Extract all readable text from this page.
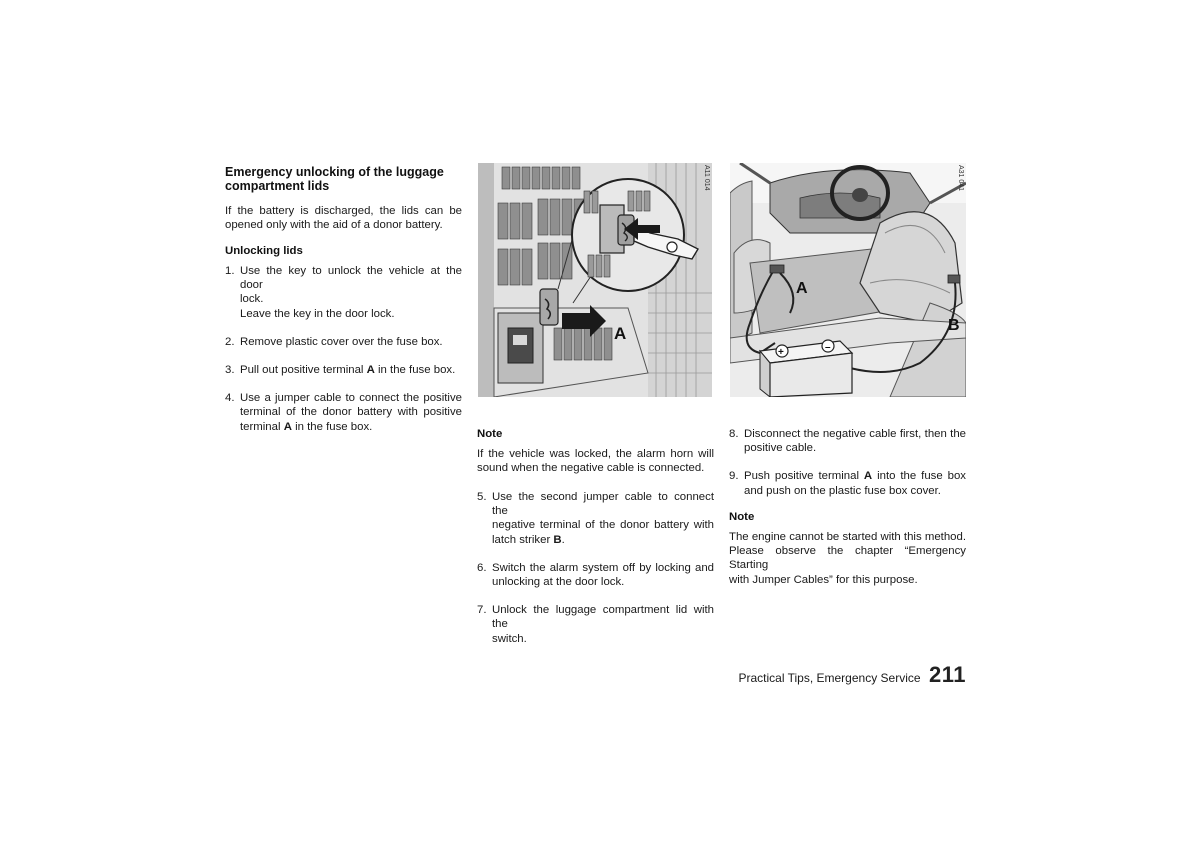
Emergency unlocking of the luggage
compartment lids
If the battery is discharged, the lids can be
opened only with the aid of a donor battery.
Unlocking lids
1. Use the key to unlock the vehicle at the door
lock.
Leave the key in the door lock.
2. Remove plastic cover over the fuse box.
3. Pull out positive terminal A in the fuse box.
4. Use a jumper cable to connect the positive
terminal of the donor battery with positive
terminal A in the fuse box.
A
A11 014
+	–
A
B
A31 041
Note
If the vehicle was locked, the alarm horn will
sound when the negative cable is connected.
5. Use the second jumper cable to connect the
negative terminal of the donor battery with
latch striker B.
6. Switch the alarm system off by locking and
unlocking at the door lock.
7. Unlock the luggage compartment lid with the
switch.
8. Disconnect the negative cable first, then the
positive cable.
9. Push positive terminal A into the fuse box
and push on the plastic fuse box cover.
Note
The engine cannot be started with this method.
Please observe the chapter “Emergency Starting
with Jumper Cables” for this purpose.
Practical Tips, Emergency Service 211
